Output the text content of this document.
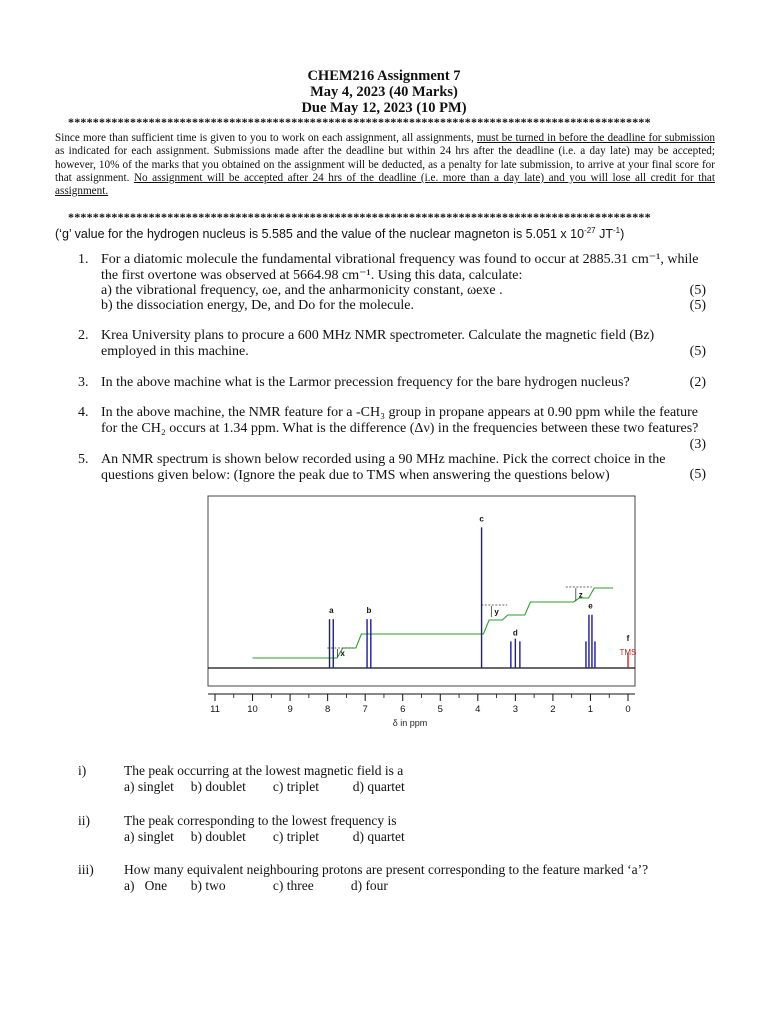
CHEM216 Assignment 7
May 4, 2023 (40 Marks)
Due May 12, 2023 (10 PM)
**********************************************************************************************
Since more than sufficient time is given to you to work on each assignment, all assignments, must be turned in before the deadline for submission as indicated for each assignment. Submissions made after the deadline but within 24 hrs after the deadline (i.e. a day late) may be accepted; however, 10% of the marks that you obtained on the assignment will be deducted, as a penalty for late submission, to arrive at your final score for that assignment. No assignment will be accepted after 24 hrs of the deadline (i.e. more than a day late) and you will lose all credit for that assignment.
**********************************************************************************************
(‘g’ value for the hydrogen nucleus is 5.585 and the value of the nuclear magneton is 5.051 x $10^{-27}$ $JT^{-1}$)
1. For a diatomic molecule the fundamental vibrational frequency was found to occur at 2885.31 cm⁻¹, while
the first overtone was observed at 5664.98 cm⁻¹. Using this data, calculate:
a) the vibrational frequency, ωe, and the anharmonicity constant, ωexe .	(5)
b) the dissociation energy, De, and Do for the molecule.	(5)
2. Krea University plans to procure a 600 MHz NMR spectrometer. Calculate the magnetic field (Bz)
employed in this machine.	(5)
3. In the above machine what is the Larmor precession frequency for the bare hydrogen nucleus?	(2)
4. In the above machine, the NMR feature for a -CH₃ group in propane appears at 0.90 ppm while the feature
for the CH₂ occurs at 1.34 ppm. What is the difference (Δν) in the frequencies between these two features?
(3)
5. An NMR spectrum is shown below recorded using a 90 MHz machine. Pick the correct choice in the
questions given below: (Ignore the peak due to TMS when answering the questions below)	(5)
11	10	9	8	7	6	5	4	3	2	1	0
x
y
z
a	b
c
d
e
f
TMS
δ in ppm
i)	The peak occurring at the lowest magnetic field is a
a) singlet     b) doublet        c) triplet          d) quartet
ii)	The peak corresponding to the lowest frequency is
a) singlet     b) doublet        c) triplet          d) quartet
iii) How many equivalent neighbouring protons are present corresponding to the feature marked ‘a’?
a)   One       b) two              c) three           d) four
